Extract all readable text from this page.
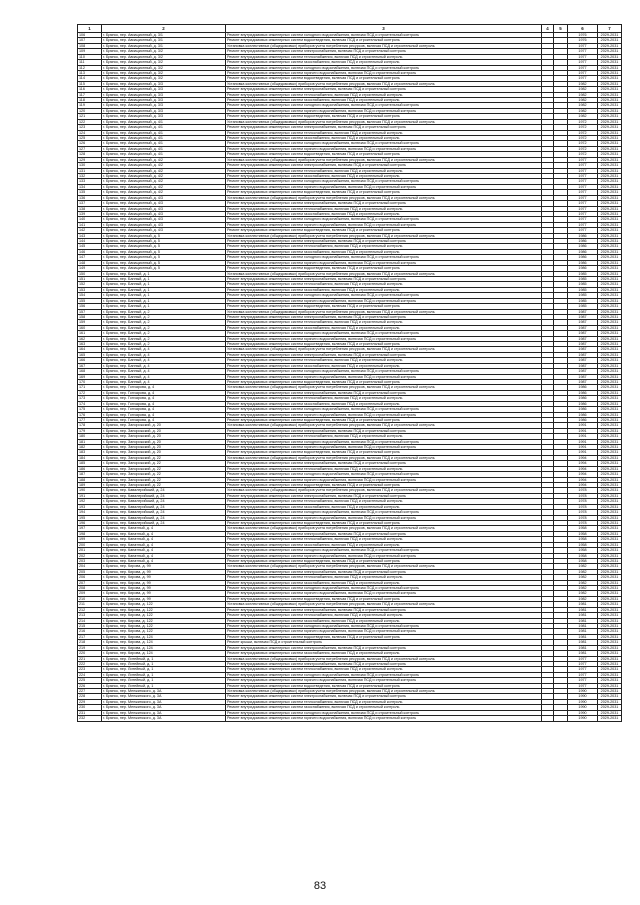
1	2	3	4	5	6	7
106	г. Брянск, пер. Авиационный, д. 3/1	Ремонт внутридомовых инженерных систем холодного водоснабжения, включая ПСД и строительный контроль			1976	2029-2031
107	г. Брянск, пер. Авиационный, д. 3/1	Ремонт внутридомовых инженерных систем водоотведения, включая ПСД и строительный контроль			1976	2029-2031
108	г. Брянск, пер. Авиационный, д. 3/1	Установка коллективных (общедомовых) приборов учета потребления ресурсов, включая ПСД и строительный контроль			1977	2029-2031
109	г. Брянск, пер. Авиационный, д. 3/2	Ремонт внутридомовых инженерных систем электроснабжения, включая ПСД и строительный контроль			1977	2029-2031
110	г. Брянск, пер. Авиационный, д. 3/2	Ремонт внутридомовых инженерных систем теплоснабжения, включая ПСД и строительный контроль			1977	2029-2031
111	г. Брянск, пер. Авиационный, д. 3/2	Ремонт внутридомовых инженерных систем газоснабжения, включая ПСД и строительный контроль			1977	2029-2031
112	г. Брянск, пер. Авиационный, д. 3/2	Ремонт внутридомовых инженерных систем холодного водоснабжения, включая ПСД и строительный контроль			1977	2029-2031
113	г. Брянск, пер. Авиационный, д. 3/2	Ремонт внутридомовых инженерных систем горячего водоснабжения, включая ПСД и строительный контроль			1977	2029-2031
114	г. Брянск, пер. Авиационный, д. 3/2	Ремонт внутридомовых инженерных систем водоотведения, включая ПСД и строительный контроль			1977	2029-2031
115	г. Брянск, пер. Авиационный, д. 3/3	Установка коллективных (общедомовых) приборов учета потребления ресурсов, включая ПСД и строительный контроль			1982	2029-2031
116	г. Брянск, пер. Авиационный, д. 3/3	Ремонт внутридомовых инженерных систем электроснабжения, включая ПСД и строительный контроль			1982	2029-2031
117	г. Брянск, пер. Авиационный, д. 3/3	Ремонт внутридомовых инженерных систем теплоснабжения, включая ПСД и строительный контроль			1982	2029-2031
118	г. Брянск, пер. Авиационный, д. 3/3	Ремонт внутридомовых инженерных систем газоснабжения, включая ПСД и строительный контроль			1982	2029-2031
119	г. Брянск, пер. Авиационный, д. 3/3	Ремонт внутридомовых инженерных систем холодного водоснабжения, включая ПСД и строительный контроль			1982	2029-2031
120	г. Брянск, пер. Авиационный, д. 3/3	Ремонт внутридомовых инженерных систем горячего водоснабжения, включая ПСД и строительный контроль			1982	2029-2031
121	г. Брянск, пер. Авиационный, д. 3/3	Ремонт внутридомовых инженерных систем водоотведения, включая ПСД и строительный контроль			1982	2029-2031
122	г. Брянск, пер. Авиационный, д. 4/1	Установка коллективных (общедомовых) приборов учета потребления ресурсов, включая ПСД и строительный контроль			1972	2029-2031
123	г. Брянск, пер. Авиационный, д. 4/1	Ремонт внутридомовых инженерных систем электроснабжения, включая ПСД и строительный контроль			1972	2029-2031
124	г. Брянск, пер. Авиационный, д. 4/1	Ремонт внутридомовых инженерных систем теплоснабжения, включая ПСД и строительный контроль			1972	2029-2031
125	г. Брянск, пер. Авиационный, д. 4/1	Ремонт внутридомовых инженерных систем газоснабжения, включая ПСД и строительный контроль			1972	2029-2031
126	г. Брянск, пер. Авиационный, д. 4/1	Ремонт внутридомовых инженерных систем холодного водоснабжения, включая ПСД и строительный контроль			1972	2029-2031
127	г. Брянск, пер. Авиационный, д. 4/1	Ремонт внутридомовых инженерных систем горячего водоснабжения, включая ПСД и строительный контроль			1972	2029-2031
128	г. Брянск, пер. Авиационный, д. 4/1	Ремонт внутридомовых инженерных систем водоотведения, включая ПСД и строительный контроль			1972	2029-2031
129	г. Брянск, пер. Авиационный, д. 4/2	Установка коллективных (общедомовых) приборов учета потребления ресурсов, включая ПСД и строительный контроль			1977	2029-2031
130	г. Брянск, пер. Авиационный, д. 4/2	Ремонт внутридомовых инженерных систем электроснабжения, включая ПСД и строительный контроль			1977	2029-2031
131	г. Брянск, пер. Авиационный, д. 4/2	Ремонт внутридомовых инженерных систем теплоснабжения, включая ПСД и строительный контроль			1977	2029-2031
132	г. Брянск, пер. Авиационный, д. 4/2	Ремонт внутридомовых инженерных систем газоснабжения, включая ПСД и строительный контроль			1977	2029-2031
133	г. Брянск, пер. Авиационный, д. 4/2	Ремонт внутридомовых инженерных систем холодного водоснабжения, включая ПСД и строительный контроль			1977	2029-2031
134	г. Брянск, пер. Авиационный, д. 4/2	Ремонт внутридомовых инженерных систем горячего водоснабжения, включая ПСД и строительный контроль			1977	2029-2031
135	г. Брянск, пер. Авиационный, д. 4/2	Ремонт внутридомовых инженерных систем водоотведения, включая ПСД и строительный контроль			1977	2029-2031
136	г. Брянск, пер. Авиационный, д. 4/3	Установка коллективных (общедомовых) приборов учета потребления ресурсов, включая ПСД и строительный контроль			1977	2029-2031
137	г. Брянск, пер. Авиационный, д. 4/3	Ремонт внутридомовых инженерных систем электроснабжения, включая ПСД и строительный контроль			1977	2029-2031
138	г. Брянск, пер. Авиационный, д. 4/3	Ремонт внутридомовых инженерных систем теплоснабжения, включая ПСД и строительный контроль			1977	2029-2031
139	г. Брянск, пер. Авиационный, д. 4/3	Ремонт внутридомовых инженерных систем газоснабжения, включая ПСД и строительный контроль			1977	2029-2031
140	г. Брянск, пер. Авиационный, д. 4/3	Ремонт внутридомовых инженерных систем холодного водоснабжения, включая ПСД и строительный контроль			1977	2029-2031
141	г. Брянск, пер. Авиационный, д. 4/3	Ремонт внутридомовых инженерных систем горячего водоснабжения, включая ПСД и строительный контроль			1977	2029-2031
142	г. Брянск, пер. Авиационный, д. 4/3	Ремонт внутридомовых инженерных систем водоотведения, включая ПСД и строительный контроль			1977	2029-2031
143	г. Брянск, пер. Авиационный, д. 5	Установка коллективных (общедомовых) приборов учета потребления ресурсов, включая ПСД и строительный контроль			1986	2029-2031
144	г. Брянск, пер. Авиационный, д. 5	Ремонт внутридомовых инженерных систем электроснабжения, включая ПСД и строительный контроль			1986	2029-2031
145	г. Брянск, пер. Авиационный, д. 5	Ремонт внутридомовых инженерных систем теплоснабжения, включая ПСД и строительный контроль			1986	2029-2031
146	г. Брянск, пер. Авиационный, д. 5	Ремонт внутридомовых инженерных систем газоснабжения, включая ПСД и строительный контроль			1986	2029-2031
147	г. Брянск, пер. Авиационный, д. 5	Ремонт внутридомовых инженерных систем холодного водоснабжения, включая ПСД и строительный контроль			1986	2029-2031
148	г. Брянск, пер. Авиационный, д. 5	Ремонт внутридомовых инженерных систем горячего водоснабжения, включая ПСД и строительный контроль			1986	2029-2031
149	г. Брянск, пер. Авиационный, д. 5	Ремонт внутридомовых инженерных систем водоотведения, включая ПСД и строительный контроль			1986	2029-2031
150	г. Брянск, пер. Банный, д. 1	Установка коллективных (общедомовых) приборов учета потребления ресурсов, включая ПСД и строительный контроль			1985	2029-2031
151	г. Брянск, пер. Банный, д. 1	Ремонт внутридомовых инженерных систем электроснабжения, включая ПСД и строительный контроль			1985	2029-2031
152	г. Брянск, пер. Банный, д. 1	Ремонт внутридомовых инженерных систем теплоснабжения, включая ПСД и строительный контроль			1985	2029-2031
153	г. Брянск, пер. Банный, д. 1	Ремонт внутридомовых инженерных систем газоснабжения, включая ПСД и строительный контроль			1985	2029-2031
154	г. Брянск, пер. Банный, д. 1	Ремонт внутридомовых инженерных систем холодного водоснабжения, включая ПСД и строительный контроль			1985	2029-2031
155	г. Брянск, пер. Банный, д. 1	Ремонт внутридомовых инженерных систем горячего водоснабжения, включая ПСД и строительный контроль			1985	2029-2031
156	г. Брянск, пер. Банный, д. 1	Ремонт внутридомовых инженерных систем водоотведения, включая ПСД и строительный контроль			1985	2029-2031
157	г. Брянск, пер. Банный, д. 2	Установка коллективных (общедомовых) приборов учета потребления ресурсов, включая ПСД и строительный контроль			1987	2029-2031
158	г. Брянск, пер. Банный, д. 2	Ремонт внутридомовых инженерных систем электроснабжения, включая ПСД и строительный контроль			1987	2029-2031
159	г. Брянск, пер. Банный, д. 2	Ремонт внутридомовых инженерных систем теплоснабжения, включая ПСД и строительный контроль			1987	2029-2031
160	г. Брянск, пер. Банный, д. 2	Ремонт внутридомовых инженерных систем газоснабжения, включая ПСД и строительный контроль			1987	2029-2031
161	г. Брянск, пер. Банный, д. 2	Ремонт внутридомовых инженерных систем холодного водоснабжения, включая ПСД и строительный контроль			1987	2029-2031
162	г. Брянск, пер. Банный, д. 2	Ремонт внутридомовых инженерных систем горячего водоснабжения, включая ПСД и строительный контроль			1987	2029-2031
163	г. Брянск, пер. Банный, д. 2	Ремонт внутридомовых инженерных систем водоотведения, включая ПСД и строительный контроль			1987	2029-2031
164	г. Брянск, пер. Банный, д. 4	Установка коллективных (общедомовых) приборов учета потребления ресурсов, включая ПСД и строительный контроль			1987	2029-2031
165	г. Брянск, пер. Банный, д. 4	Ремонт внутридомовых инженерных систем электроснабжения, включая ПСД и строительный контроль			1987	2029-2031
166	г. Брянск, пер. Банный, д. 4	Ремонт внутридомовых инженерных систем теплоснабжения, включая ПСД и строительный контроль			1987	2029-2031
167	г. Брянск, пер. Банный, д. 4	Ремонт внутридомовых инженерных систем газоснабжения, включая ПСД и строительный контроль			1987	2029-2031
168	г. Брянск, пер. Банный, д. 4	Ремонт внутридомовых инженерных систем холодного водоснабжения, включая ПСД и строительный контроль			1987	2029-2031
169	г. Брянск, пер. Банный, д. 4	Ремонт внутридомовых инженерных систем горячего водоснабжения, включая ПСД и строительный контроль			1987	2029-2031
170	г. Брянск, пер. Банный, д. 4	Ремонт внутридомовых инженерных систем водоотведения, включая ПСД и строительный контроль			1987	2029-2031
171	г. Брянск, пер. Гончарова, д. 4	Установка коллективных (общедомовых) приборов учета потребления ресурсов, включая ПСД и строительный контроль			1986	2029-2031
172	г. Брянск, пер. Гончарова, д. 4	Ремонт внутридомовых инженерных систем электроснабжения, включая ПСД и строительный контроль			1986	2029-2031
173	г. Брянск, пер. Гончарова, д. 4	Ремонт внутридомовых инженерных систем теплоснабжения, включая ПСД и строительный контроль			1986	2029-2031
174	г. Брянск, пер. Гончарова, д. 4	Ремонт внутридомовых инженерных систем газоснабжения, включая ПСД и строительный контроль			1986	2029-2031
175	г. Брянск, пер. Гончарова, д. 4	Ремонт внутридомовых инженерных систем холодного водоснабжения, включая ПСД и строительный контроль			1986	2029-2031
176	г. Брянск, пер. Гончарова, д. 4	Ремонт внутридомовых инженерных систем горячего водоснабжения, включая ПСД и строительный контроль			1986	2029-2031
177	г. Брянск, пер. Гончарова, д. 4	Ремонт внутридомовых инженерных систем водоотведения, включая ПСД и строительный контроль			1986	2029-2031
178	г. Брянск, пер. Запорожский, д. 20	Установка коллективных (общедомовых) приборов учета потребления ресурсов, включая ПСД и строительный контроль			1991	2029-2031
179	г. Брянск, пер. Запорожский, д. 20	Ремонт внутридомовых инженерных систем электроснабжения, включая ПСД и строительный контроль			1991	2029-2031
180	г. Брянск, пер. Запорожский, д. 20	Ремонт внутридомовых инженерных систем теплоснабжения, включая ПСД и строительный контроль			1991	2029-2031
181	г. Брянск, пер. Запорожский, д. 20	Ремонт внутридомовых инженерных систем холодного водоснабжения, включая ПСД и строительный контроль			1991	2029-2031
182	г. Брянск, пер. Запорожский, д. 20	Ремонт внутридомовых инженерных систем горячего водоснабжения, включая ПСД и строительный контроль			1991	2029-2031
183	г. Брянск, пер. Запорожский, д. 20	Ремонт внутридомовых инженерных систем водоотведения, включая ПСД и строительный контроль			1991	2029-2031
184	г. Брянск, пер. Запорожский, д. 22	Установка коллективных (общедомовых) приборов учета потребления ресурсов, включая ПСД и строительный контроль			1994	2029-2031
185	г. Брянск, пер. Запорожский, д. 22	Ремонт внутридомовых инженерных систем электроснабжения, включая ПСД и строительный контроль			1994	2029-2031
186	г. Брянск, пер. Запорожский, д. 22	Ремонт внутридомовых инженерных систем теплоснабжения, включая ПСД и строительный контроль			1994	2029-2031
187	г. Брянск, пер. Запорожский, д. 22	Ремонт внутридомовых инженерных систем холодного водоснабжения, включая ПСД и строительный контроль			1994	2029-2031
188	г. Брянск, пер. Запорожский, д. 22	Ремонт внутридомовых инженерных систем горячего водоснабжения, включая ПСД и строительный контроль			1994	2029-2031
189	г. Брянск, пер. Запорожский, д. 22	Ремонт внутридомовых инженерных систем водоотведения, включая ПСД и строительный контроль			1994	2029-2031
190	г. Брянск, пер. Кавалерийский, д. 24	Установка коллективных (общедомовых) приборов учета потребления ресурсов, включая ПСД и строительный контроль			1978	2029-2031
191	г. Брянск, пер. Кавалерийский, д. 24	Ремонт внутридомовых инженерных систем электроснабжения, включая ПСД и строительный контроль			1978	2029-2031
192	г. Брянск, пер. Кавалерийский, д. 24	Ремонт внутридомовых инженерных систем теплоснабжения, включая ПСД и строительный контроль			1978	2029-2031
193	г. Брянск, пер. Кавалерийский, д. 24	Ремонт внутридомовых инженерных систем газоснабжения, включая ПСД и строительный контроль			1978	2029-2031
194	г. Брянск, пер. Кавалерийский, д. 24	Ремонт внутридомовых инженерных систем холодного водоснабжения, включая ПСД и строительный контроль			1978	2029-2031
195	г. Брянск, пер. Кавалерийский, д. 24	Ремонт внутридомовых инженерных систем горячего водоснабжения, включая ПСД и строительный контроль			1978	2029-2031
196	г. Брянск, пер. Кавалерийский, д. 24	Ремонт внутридомовых инженерных систем водоотведения, включая ПСД и строительный контроль			1978	2029-2031
197	г. Брянск, пер. Канатный, д. 4	Установка коллективных (общедомовых) приборов учета потребления ресурсов, включая ПСД и строительный контроль			1958	2029-2031
198	г. Брянск, пер. Канатный, д. 4	Ремонт внутридомовых инженерных систем электроснабжения, включая ПСД и строительный контроль			1958	2029-2031
199	г. Брянск, пер. Канатный, д. 4	Ремонт внутридомовых инженерных систем теплоснабжения, включая ПСД и строительный контроль			1958	2029-2031
200	г. Брянск, пер. Канатный, д. 4	Ремонт внутридомовых инженерных систем газоснабжения, включая ПСД и строительный контроль			1958	2029-2031
201	г. Брянск, пер. Канатный, д. 4	Ремонт внутридомовых инженерных систем холодного водоснабжения, включая ПСД и строительный контроль			1958	2029-2031
202	г. Брянск, пер. Канатный, д. 4	Ремонт внутридомовых инженерных систем горячего водоснабжения, включая ПСД и строительный контроль			1958	2029-2031
203	г. Брянск, пер. Канатный, д. 4	Ремонт внутридомовых инженерных систем водоотведения, включая ПСД и строительный контроль			1958	2029-2031
204	г. Брянск, пер. Кирова, д. 99	Установка коллективных (общедомовых) приборов учета потребления ресурсов, включая ПСД и строительный контроль			1982	2029-2031
205	г. Брянск, пер. Кирова, д. 99	Ремонт внутридомовых инженерных систем электроснабжения, включая ПСД и строительный контроль			1982	2029-2031
206	г. Брянск, пер. Кирова, д. 99	Ремонт внутридомовых инженерных систем теплоснабжения, включая ПСД и строительный контроль			1982	2029-2031
207	г. Брянск, пер. Кирова, д. 99	Ремонт внутридомовых инженерных систем газоснабжения, включая ПСД и строительный контроль			1982	2029-2031
208	г. Брянск, пер. Кирова, д. 99	Ремонт внутридомовых инженерных систем холодного водоснабжения, включая ПСД и строительный контроль			1982	2029-2031
209	г. Брянск, пер. Кирова, д. 99	Ремонт внутридомовых инженерных систем горячего водоснабжения, включая ПСД и строительный контроль			1982	2029-2031
210	г. Брянск, пер. Кирова, д. 99	Ремонт внутридомовых инженерных систем водоотведения, включая ПСД и строительный контроль			1982	2029-2031
211	г. Брянск, пер. Кирова, д. 122	Установка коллективных (общедомовых) приборов учета потребления ресурсов, включая ПСД и строительный контроль			1981	2029-2031
212	г. Брянск, пер. Кирова, д. 122	Ремонт внутридомовых инженерных систем электроснабжения, включая ПСД и строительный контроль			1981	2029-2031
213	г. Брянск, пер. Кирова, д. 122	Ремонт внутридомовых инженерных систем теплоснабжения, включая ПСД и строительный контроль			1981	2029-2031
214	г. Брянск, пер. Кирова, д. 122	Ремонт внутридомовых инженерных систем газоснабжения, включая ПСД и строительный контроль			1981	2029-2031
215	г. Брянск, пер. Кирова, д. 122	Ремонт внутридомовых инженерных систем холодного водоснабжения, включая ПСД и строительный контроль			1981	2029-2031
216	г. Брянск, пер. Кирова, д. 122	Ремонт внутридомовых инженерных систем горячего водоснабжения, включая ПСД и строительный контроль			1981	2029-2031
217	г. Брянск, пер. Кирова, д. 124	Ремонт внутридомовых инженерных систем водоотведения, включая ПСД и строительный контроль			1981	2029-2031
218	г. Брянск, пер. Кирова, д. 124	Ремонт крыши, включая ПСД и строительный контроль			1981	2029-2031
219	г. Брянск, пер. Кирова, д. 124	Ремонт внутридомовых инженерных систем электроснабжения, включая ПСД и строительный контроль			1981	2029-2031
220	г. Брянск, пер. Кирова, д. 124	Ремонт внутридомовых инженерных систем газоснабжения, включая ПСД и строительный контроль			1981	2029-2031
221	г. Брянск, пер. Литейный, д. 1	Установка коллективных (общедомовых) приборов учета потребления ресурсов, включая ПСД и строительный контроль			1977	2029-2031
222	г. Брянск, пер. Литейный, д. 1	Ремонт внутридомовых инженерных систем электроснабжения, включая ПСД и строительный контроль			1977	2029-2031
223	г. Брянск, пер. Литейный, д. 1	Ремонт внутридомовых инженерных систем теплоснабжения, включая ПСД и строительный контроль			1977	2029-2031
224	г. Брянск, пер. Литейный, д. 1	Ремонт внутридомовых инженерных систем холодного водоснабжения, включая ПСД и строительный контроль			1977	2029-2031
225	г. Брянск, пер. Литейный, д. 1	Ремонт внутридомовых инженерных систем горячего водоснабжения, включая ПСД и строительный контроль			1977	2029-2031
226	г. Брянск, пер. Литейный, д. 1	Ремонт внутридомовых инженерных систем водоотведения, включая ПСД и строительный контроль			1977	2029-2031
227	г. Брянск, пер. Менжинского, д. 3А	Установка коллективных (общедомовых) приборов учета потребления ресурсов, включая ПСД и строительный контроль			1990	2029-2031
228	г. Брянск, пер. Менжинского, д. 3А	Ремонт внутридомовых инженерных систем электроснабжения, включая ПСД и строительный контроль			1990	2029-2031
229	г. Брянск, пер. Менжинского, д. 3А	Ремонт внутридомовых инженерных систем теплоснабжения, включая ПСД и строительный контроль			1990	2029-2031
230	г. Брянск, пер. Менжинского, д. 3А	Ремонт внутридомовых инженерных систем газоснабжения, включая ПСД и строительный контроль			1990	2029-2031
231	г. Брянск, пер. Менжинского, д. 3А	Ремонт внутридомовых инженерных систем холодного водоснабжения, включая ПСД и строительный контроль			1990	2029-2031
232	г. Брянск, пер. Менжинского, д. 3А	Ремонт внутридомовых инженерных систем горячего водоснабжения, включая ПСД и строительный контроль			1990	2029-2031
83
